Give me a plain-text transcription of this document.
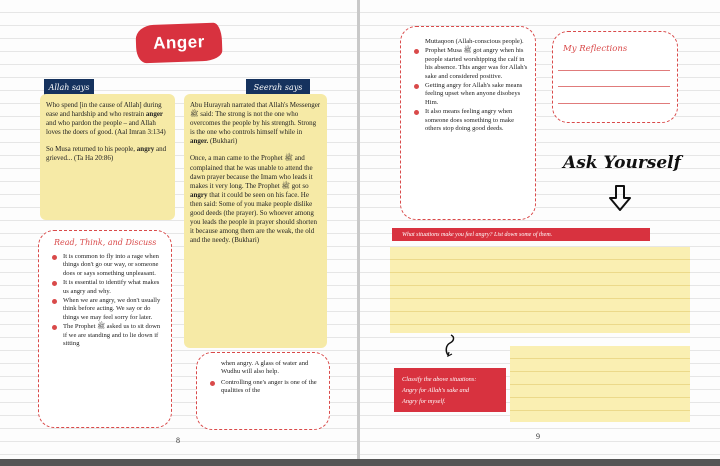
Anger
Allah says	Seerah says

Who spend [in the cause of Allah] during ease and hardship and who restrain anger and who pardon the people – and Allah loves the doers of good. (Aal Imran 3:134)

So Musa returned to his people, angry and grieved... (Ta Ha 20:86)

Abu Hurayrah narrated that Allah's Messenger ﷺ said: The strong is not the one who overcomes the people by his strength. Strong is the one who controls himself while in anger. (Bukhari)

Once, a man came to the Prophet ﷺ and complained that he was unable to attend the dawn prayer because the Imam who leads it makes it very long. The Prophet ﷺ got so angry that it could be seen on his face. He then said: Some of you make people dislike good deeds (the prayer). So whoever among you leads the people in prayer should shorten it because among them are the weak, the old and the needy. (Bukhari)

Read, Think, and Discuss
It is common to fly into a rage when things don't go our way, or someone does or says something unpleasant.
It is essential to identify what makes us angry and why.
When we are angry, we don't usually think before acting. We say or do things we may feel sorry for later.
The Prophet ﷺ asked us to sit down if we are standing and to lie down if sitting
when angry. A glass of water and Wudhu will also help.
Controlling one's anger is one of the qualities of the
8
Muttaqoon (Allah-conscious people).
Prophet Musa ﷺ got angry when his people started worshipping the calf in his absence. This anger was for Allah's sake and considered positive.
Getting angry for Allah's sake means feeling upset when anyone disobeys Him.
It also means feeling angry when someone does something to make others stop doing good deeds.
My Reflections
Ask Yourself
What situations make you feel angry? List down some of them.
Classify the above situations:
Angry for Allah's sake and
Angry for myself.
9
